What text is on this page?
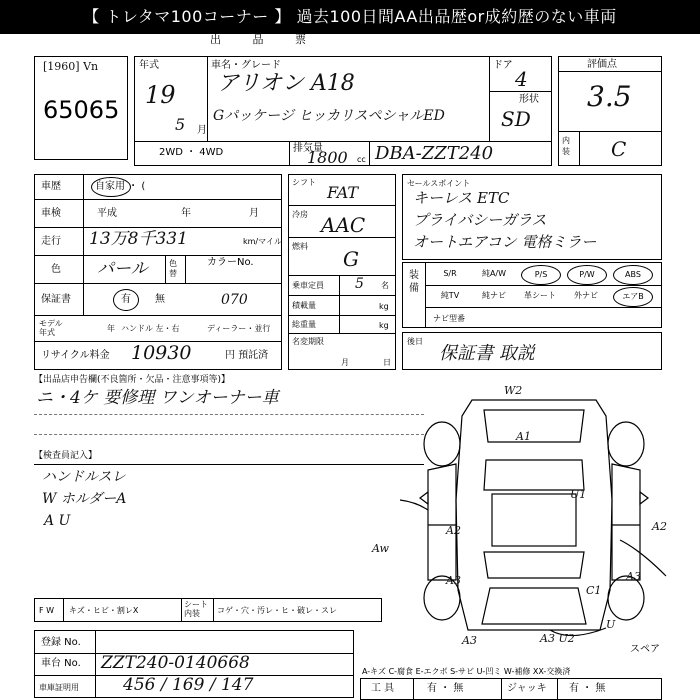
【 トレタマ100コーナー 】 過去100日間AA出品歴or成約歴のない車両
出 品 票
[1960] Vn
65065
年式
19
5 月
車名・グレード
アリオン A18
Gパッケージ ヒッカリスペシャルED
ドア
4
形状
SD
2WD ・ 4WD	排気量
1800 cc DBA-ZZT240
評価点
3.5
内装 C
車歴	自家用 ・ (
車検	平成	年	月
走行 13万8千331	km/マイル
色 パール	色替
カラーNo.
保証書	有 無	070
モデル年式	年 ハンドル 左・右	ディーラー・並行
リサイクル料金 10930	円 預託済
シフト
FAT
冷房 AAC
燃料
G
乗車定員 5 名
積載量	kg
総重量	kg
名変期限
月	日
セールスポイント
キーレス ETC
プライバシーガラス
オートエアコン 電格ミラー
装備
S/R	純A/W	P/S	P/W	ABS
純TV	純ナビ	革シート	外ナビ	エアB
ナビ型番
後日
保証書 取説
【出品店申告欄(不良箇所・欠品・注意事項等)】
ニ・4ケ 要修理 ワンオーナー車
【検査員記入】
ハンドルスレ
W ホルダーA
A U
F W キズ・ヒビ・割レX
シート内装	コゲ・穴・汚レ・ヒ・破レ・スレ
登録 No.
車台 No. ZZT240-0140668
車庫証明用	456 / 169 / 147
A-キズ C-腐食 E-エクボ S-サビ U-凹ミ W-補修 XX-交換済
工 具	有 ・ 無	ジャッキ 有 ・ 無
W2
A1
U1
A2
Aw
A3
A2
C1
A3
A3 U2
A3
U
スペア
